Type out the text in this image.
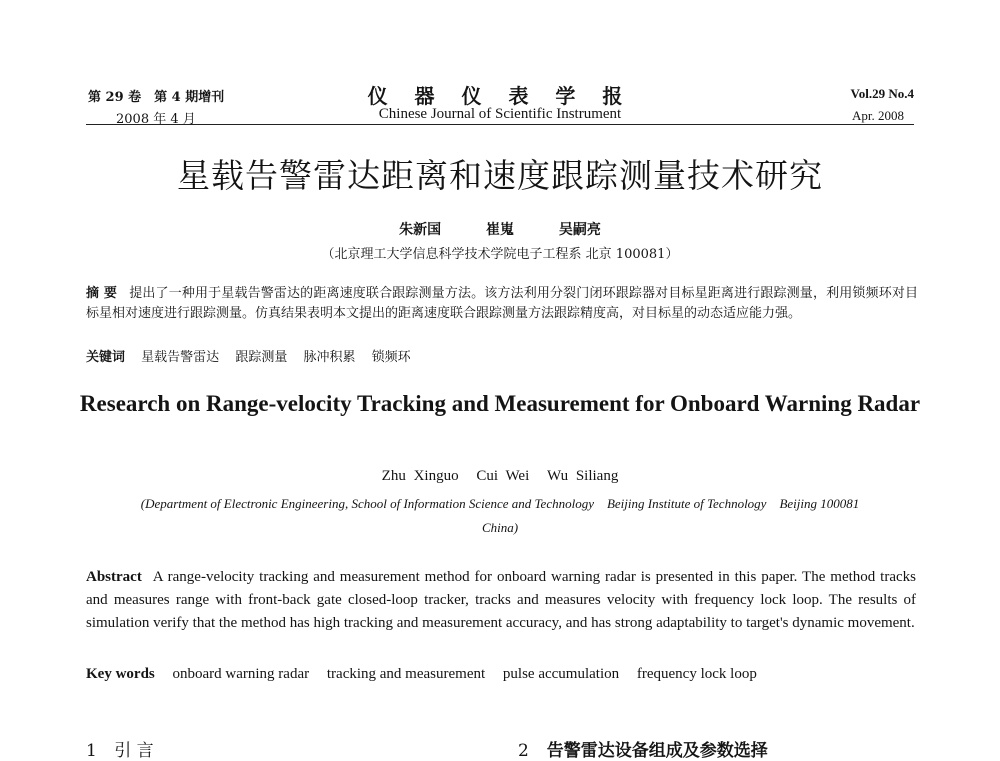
第 29 卷　第 4 期增刊
2008 年 4 月
仪 器 仪 表 学 报
Chinese Journal of Scientific Instrument
Vol.29 No.4
Apr. 2008
星载告警雷达距离和速度跟踪测量技术研究
朱新国	崔嵬	吴嗣亮
（北京理工大学信息科学技术学院电子工程系 北京 100081）
摘 要 提出了一种用于星载告警雷达的距离速度联合跟踪测量方法。该方法利用分裂门闭环跟踪器对目标星距离进行跟踪测量，利用锁频环对目标星相对速度进行跟踪测量。仿真结果表明本文提出的距离速度联合跟踪测量方法跟踪精度高，对目标星的动态适应能力强。
关键词 星载告警雷达 跟踪测量 脉冲积累 锁频环
Research on Range-velocity Tracking and Measurement for Onboard Warning Radar
Zhu Xinguo Cui Wei Wu Siliang
(Department of Electronic Engineering, School of Information Science and Technology　Beijing Institute of Technology　Beijing 100081 China)
Abstract A range-velocity tracking and measurement method for onboard warning radar is presented in this paper. The method tracks and measures range with front-back gate closed-loop tracker, tracks and measures velocity with frequency lock loop. The results of simulation verify that the method has high tracking and measurement accuracy, and has strong adaptability to target's dynamic movement.
Key words onboard warning radar tracking and measurement pulse accumulation frequency lock loop
1 引 言	2 告警雷达设备组成及参数选择
